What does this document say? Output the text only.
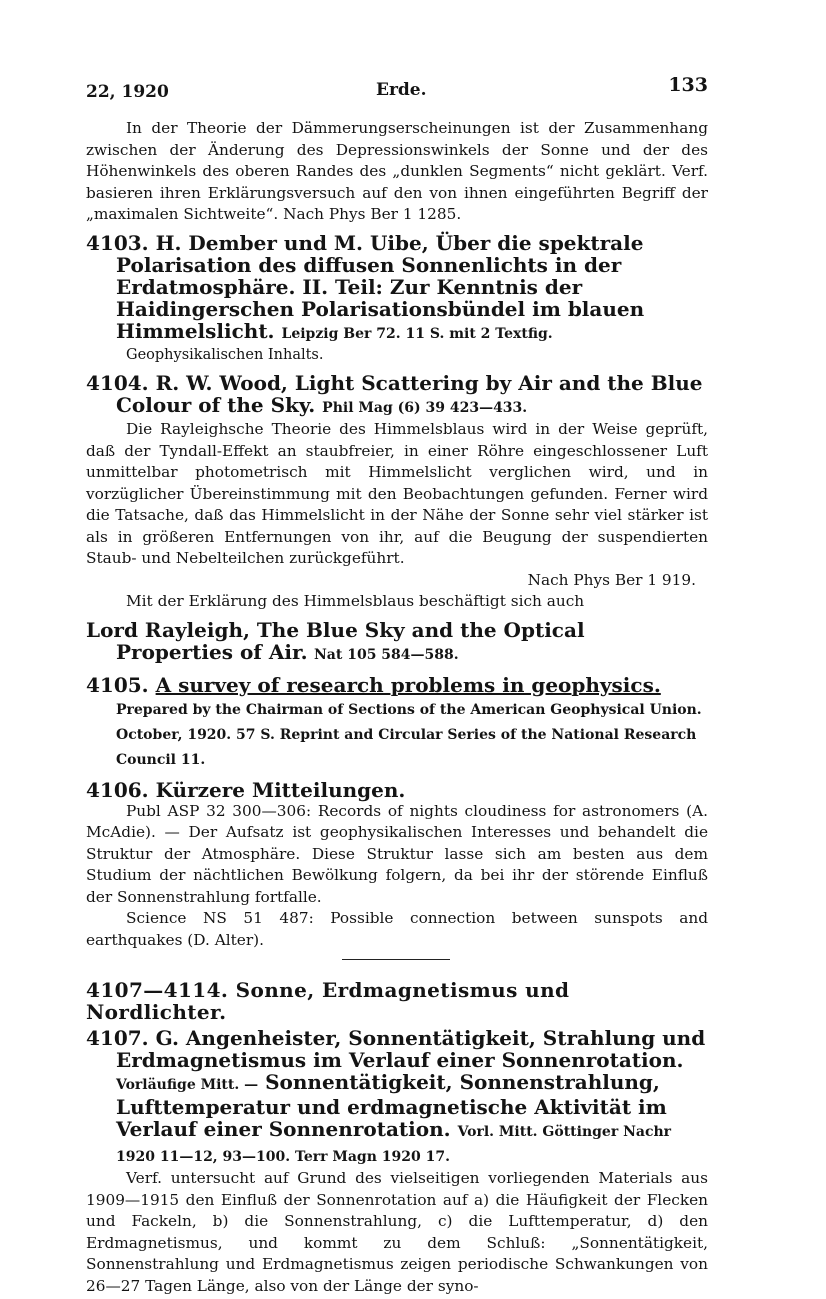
22, 1920	Erde.	133

In der Theorie der Dämmerungserscheinungen ist der Zusammenhang zwischen der Änderung des Depressionswinkels der Sonne und der des Höhenwinkels des oberen Randes des „dunklen Segments“ nicht geklärt. Verf. basieren ihren Erklärungsversuch auf den von ihnen eingeführten Begriff der „maximalen Sichtweite“. Nach Phys Ber 1 1285.

4103. H. Dember und M. Uibe, Über die spektrale Polarisation des diffusen Sonnenlichts in der Erdatmosphäre. II. Teil: Zur Kenntnis der Haidingerschen Polarisationsbündel im blauen Himmelslicht. Leipzig Ber 72. 11 S. mit 2 Textfig.

Geophysikalischen Inhalts.

4104. R. W. Wood, Light Scattering by Air and the Blue Colour of the Sky. Phil Mag (6) 39 423—433.

Die Rayleighsche Theorie des Himmelsblaus wird in der Weise geprüft, daß der Tyndall-Effekt an staubfreier, in einer Röhre eingeschlossener Luft unmittelbar photometrisch mit Himmelslicht verglichen wird, und in vorzüglicher Übereinstimmung mit den Beobachtungen gefunden. Ferner wird die Tatsache, daß das Himmelslicht in der Nähe der Sonne sehr viel stärker ist als in größeren Entfernungen von ihr, auf die Beugung der suspendierten Staub- und Nebelteilchen zurückgeführt.

Nach Phys Ber 1 919.

Mit der Erklärung des Himmelsblaus beschäftigt sich auch

Lord Rayleigh, The Blue Sky and the Optical Properties of Air. Nat 105 584—588.
4105. A survey of research problems in geophysics. Prepared by the Chairman of Sections of the American Geophysical Union. October, 1920. 57 S. Reprint and Circular Series of the National Research Council 11.
4106. Kürzere Mitteilungen.

Publ ASP 32 300—306: Records of nights cloudiness for astronomers (A. McAdie). — Der Aufsatz ist geophysikalischen Interesses und behandelt die Struktur der Atmosphäre. Diese Struktur lasse sich am besten aus dem Studium der nächtlichen Bewölkung folgern, da bei ihr der störende Einfluß der Sonnenstrahlung fortfalle.

Science NS 51 487: Possible connection between sunspots and earthquakes (D. Alter).

4107—4114. Sonne, Erdmagnetismus und Nordlichter.

4107. G. Angenheister, Sonnentätigkeit, Strahlung und Erdmagnetismus im Verlauf einer Sonnenrotation. Vorläufige Mitt. — Sonnentätigkeit, Sonnenstrahlung, Lufttemperatur und erdmagnetische Aktivität im Verlauf einer Sonnenrotation. Vorl. Mitt. Göttinger Nachr 1920 11—12, 93—100. Terr Magn 1920 17.

Verf. untersucht auf Grund des vielseitigen vorliegenden Materials aus 1909—1915 den Einfluß der Sonnenrotation auf a) die Häufigkeit der Flecken und Fackeln, b) die Sonnenstrahlung, c) die Lufttemperatur, d) den Erdmagnetismus, und kommt zu dem Schluß: „Sonnentätigkeit, Sonnenstrahlung und Erdmagnetismus zeigen periodische Schwankungen von 26—27 Tagen Länge, also von der Länge der syno-
